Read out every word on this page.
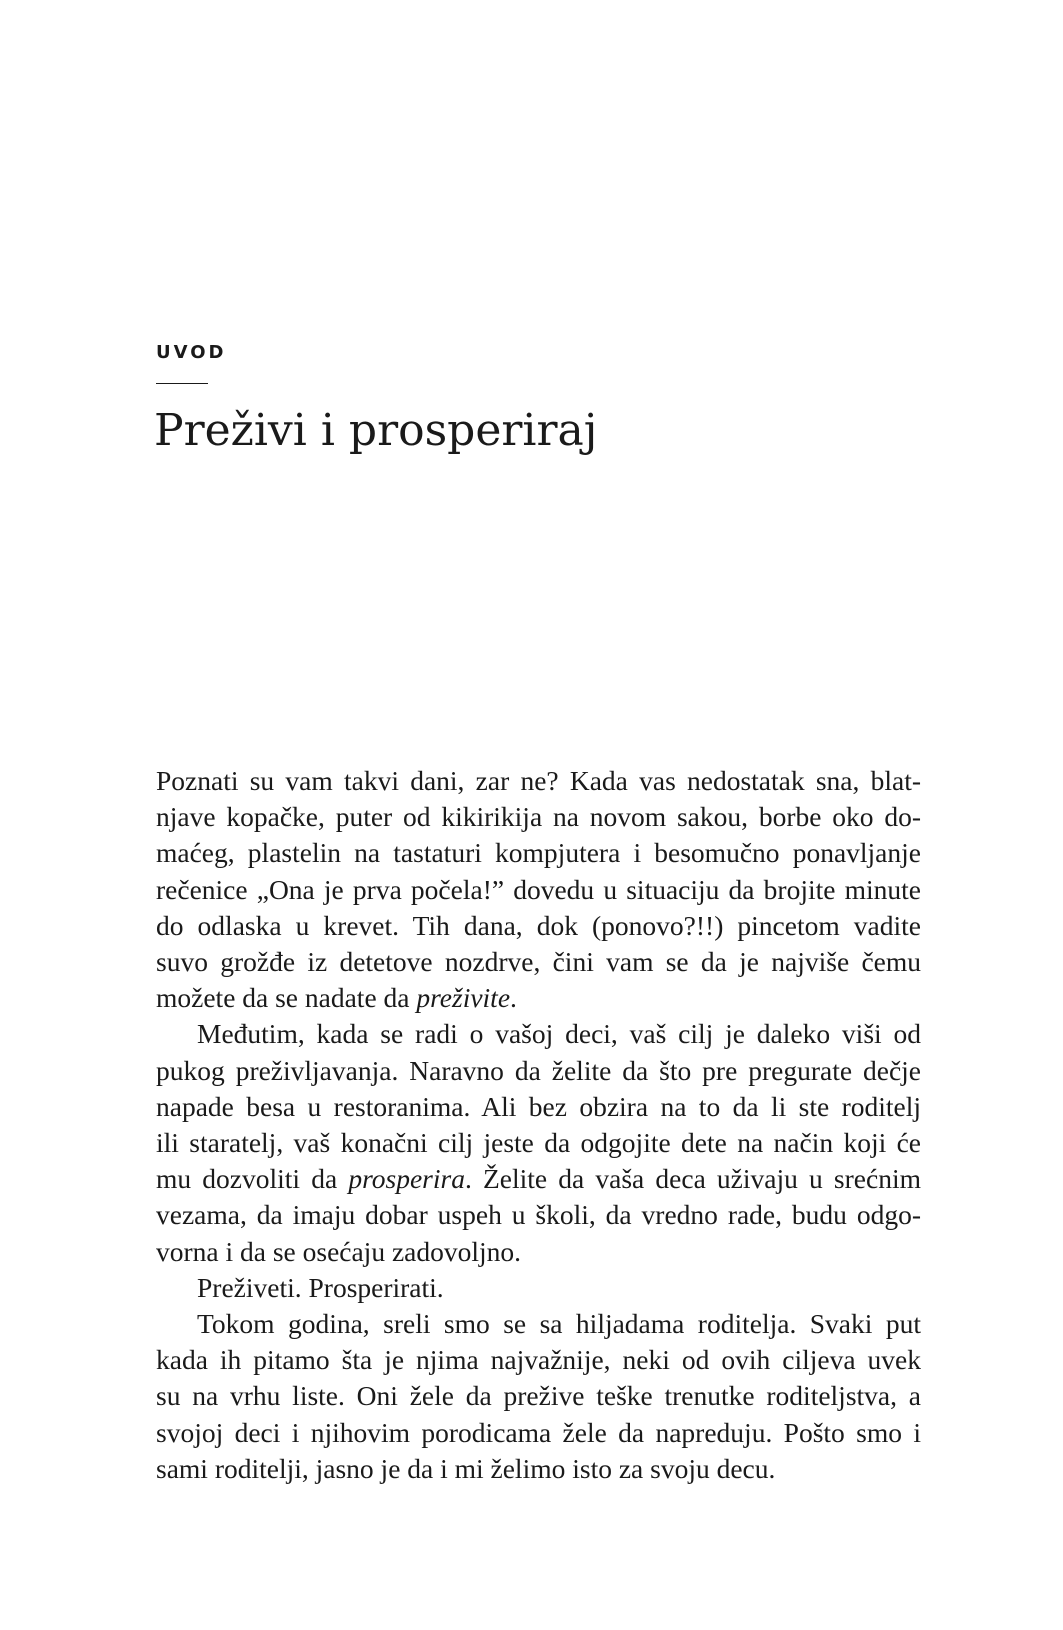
UVOD
Preživi i prosperiraj
Poznati su vam takvi dani, zar ne? Kada vas nedostatak sna, blat-
njave kopačke, puter od kikirikija na novom sakou, borbe oko do-
maćeg, plastelin na tastaturi kompjutera i besomučno ponavljanje
rečenice „Ona je prva počela!” dovedu u situaciju da brojite minute
do odlaska u krevet. Tih dana, dok (ponovo?!!) pincetom vadite
suvo grožđe iz detetove nozdrve, čini vam se da je najviše čemu
možete da se nadate da preživite.
Međutim, kada se radi o vašoj deci, vaš cilj je daleko viši od
pukog preživljavanja. Naravno da želite da što pre pregurate dečje
napade besa u restoranima. Ali bez obzira na to da li ste roditelj
ili staratelj, vaš konačni cilj jeste da odgojite dete na način koji će
mu dozvoliti da prosperira. Želite da vaša deca uživaju u srećnim
vezama, da imaju dobar uspeh u školi, da vredno rade, budu odgo-
vorna i da se osećaju zadovoljno.
Preživeti. Prosperirati.
Tokom godina, sreli smo se sa hiljadama roditelja. Svaki put
kada ih pitamo šta je njima najvažnije, neki od ovih ciljeva uvek
su na vrhu liste. Oni žele da prežive teške trenutke roditeljstva, a
svojoj deci i njihovim porodicama žele da napreduju. Pošto smo i
sami roditelji, jasno je da i mi želimo isto za svoju decu.
